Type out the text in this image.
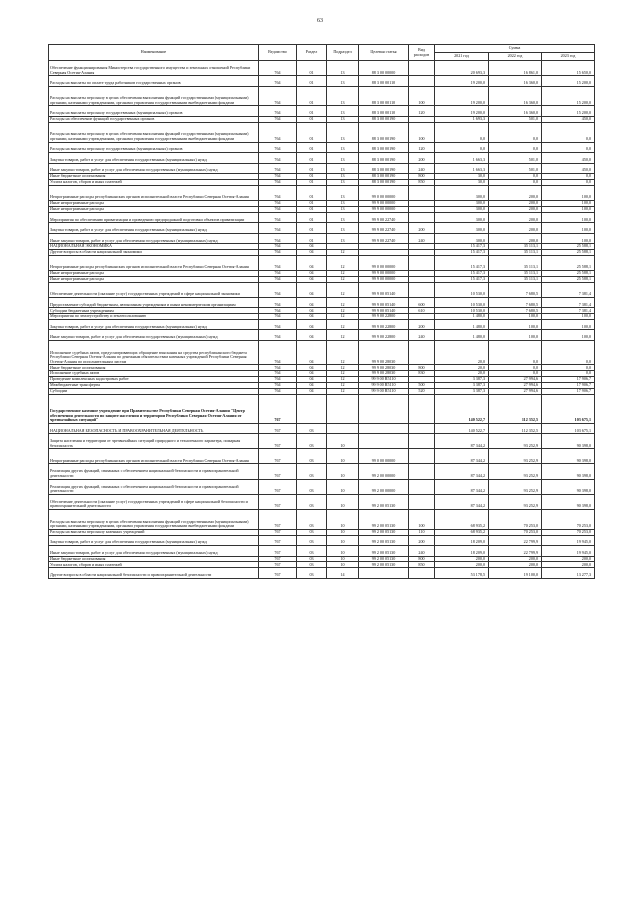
63
Наименование	Ведомство	Раздел	Подраздел	Целевая статья	Вид расходов	Сумма		
						2021 год	2022 год	2023 год
Обеспечение функционирования Министерства государственного имущества и земельных отношений Республики Северная Осетия-Алания	764	01	13	88 3 00 00000		20 693,3	16 861,0	15 650,0
Расходы на выплаты по оплате труда работников государственных органов	764	01	13	88 3 00 00110		19 200,0	16 360,0	15 200,0
Расходы на выплаты персоналу в целях обеспечения выполнения функций государственными (муниципальными) органами, казенными учреждениями, органами управления государственными внебюджетными фондами	764	01	13	88 3 00 00110	100	19 200,0	16 360,0	15 200,0
Расходы на выплаты персоналу государственных (муниципальных) органов	764	01	13	88 3 00 00110	120	19 200,0	16 360,0	15 200,0
Расходы на обеспечение функций государственных органов	764	01	13	88 3 00 00190		1 693,3	501,0	450,0
Расходы на выплаты персоналу в целях обеспечения выполнения функций государственными (муниципальными) органами, казенными учреждениями, органами управления государственными внебюджетными фондами	764	01	13	88 3 00 00190	100	0,0	0,0	0,0
Расходы на выплаты персоналу государственных (муниципальных) органов	764	01	13	88 3 00 00190	120	0,0	0,0	0,0
Закупка товаров, работ и услуг для обеспечения государственных (муниципальных) нужд	764	01	13	88 3 00 00190	200	1 663,3	501,0	450,0
Иные закупки товаров, работ и услуг для обеспечения государственных (муниципальных) нужд	764	01	13	88 3 00 00190	240	1 663,3	501,0	450,0
Иные бюджетные ассигнования	764	01	13	88 3 00 00190	800	30,0	0,0	0,0
Уплата налогов, сборов и иных платежей	764	01	13	88 3 00 00190	850	30,0	0,0	0,0
Непрограммные расходы республиканских органов исполнительной власти Республики Северная Осетия-Алания	764	01	13	99 0 00 00000		300,0	200,0	100,0
Иные непрограммные расходы	764	01	13	99 9 00 00000		300,0	200,0	100,0
Иные непрограммные расходы	764	01	13	99 9 00 00000		300,0	200,0	100,0
Мероприятия по обеспечению приватизации и проведению предпродажной подготовки объектов приватизации	764	01	13	99 9 00 22740		300,0	200,0	100,0
Закупка товаров, работ и услуг для обеспечения государственных (муниципальных) нужд	764	01	13	99 9 00 22740	200	300,0	200,0	100,0
Иные закупки товаров, работ и услуг для обеспечения государственных (муниципальных) нужд	764	01	13	99 9 00 22740	240	300,0	200,0	100,0
НАЦИОНАЛЬНАЯ ЭКОНОМИКА	764	04				15 417,3	35 113,1	25 588,1
Другие вопросы в области национальной экономики	764	04	12			15 417,3	35 113,1	25 588,1
Непрограммные расходы республиканских органов исполнительной власти Республики Северная Осетия-Алания	764	04	12	99 0 00 00000		15 417,3	35 113,1	25 588,1
Иные непрограммные расходы	764	04	12	99 9 00 00000		15 417,3	35 113,1	25 588,1
Иные непрограммные расходы	764	04	12	99 9 00 00000		15 417,3	35 113,1	25 588,1
Обеспечение деятельности (оказание услуг) государственных учреждений в сфере национальной экономики	764	04	12	99 9 00 05140		10 530,0	7 680,5	7 381,4
Предоставление субсидий бюджетным, автономным учреждениям и иным некоммерческим организациям	764	04	12	99 9 00 05140	600	10 530,0	7 680,5	7 381,4
Субсидии бюджетным учреждениям	764	04	12	99 9 00 05140	610	10 530,0	7 680,5	7 381,4
Мероприятия по землеустройству и землепользованию	764	04	12	99 9 00 22800		1 480,0	100,0	100,0
Закупка товаров, работ и услуг для обеспечения государственных (муниципальных) нужд	764	04	12	99 9 00 22800	200	1 480,0	100,0	100,0
Иные закупки товаров, работ и услуг для обеспечения государственных (муниципальных) нужд	764	04	12	99 9 00 22800	240	1 480,0	100,0	100,0
Исполнение судебных актов, предусматривающих обращение взыскания на средства республиканского бюджета Республики Северная Осетия-Алания по денежным обязательствам казенных учреждений Республики Северная Осетия-Алания по исполнительным листам	764	04	12	99 9 00 28030		20,0	0,0	0,0
Иные бюджетные ассигнования	764	04	12	99 9 00 28030	800	20,0	0,0	0,0
Исполнение судебных актов	764	04	12	99 9 00 28030	830	20,0	0,0	0,0
Проведение комплексных кадастровых работ	764	04	12	99 9 00 R5110		3 387,3	27 994,6	17 906,7
Межбюджетные трансферты	764	04	12	99 9 00 R5110	500	3 387,3	27 994,6	17 906,7
Субсидии	764	04	12	99 9 00 R5110	520	3 387,3	27 994,6	17 906,7
Государственное казенное учреждение при Правительстве Республики Северная Осетия-Алания "Центр обеспечения деятельности по защите населения и территории Республики Северная Осетия-Алания от чрезвычайных ситуаций"	767					140 522,7	112 352,5	103 675,1
НАЦИОНАЛЬНАЯ БЕЗОПАСНОСТЬ И ПРАВООХРАНИТЕЛЬНАЯ ДЕЯТЕЛЬНОСТЬ	767	03				140 522,7	112 352,5	103 675,1
Защита населения и территории от чрезвычайных ситуаций природного и техногенного характера, пожарная безопасность	767	03	10			87 344,2	93 252,9	90 398,0
Непрограммные расходы республиканских органов исполнительной власти Республики Северная Осетия-Алания	767	03	10	99 0 00 00000		87 344,2	93 252,9	90 398,0
Реализация других функций, связанных с обеспечением национальной безопасности и правоохранительной деятельности	767	03	10	99 2 00 00000		87 344,2	93 252,9	90 398,0
Реализация других функций, связанных с обеспечением национальной безопасности и правоохранительной деятельности	767	03	10	99 2 00 00000		87 344,2	93 252,9	90 398,0
Обеспечение деятельности (оказание услуг) государственных учреждений в сфере национальной безопасности и правоохранительной деятельности	767	03	10	99 2 00 05130		87 344,2	93 252,9	90 398,0
Расходы на выплаты персоналу в целях обеспечения выполнения функций государственными (муниципальными) органами, казенными учреждениями, органами управления государственными внебюджетными фондами	767	03	10	99 2 00 05130	100	68 935,2	70 253,0	70 253,0
Расходы на выплаты персоналу казенных учреждений	767	03	10	99 2 00 05130	110	68 935,2	70 253,0	70 253,0
Закупка товаров, работ и услуг для обеспечения государственных (муниципальных) нужд	767	03	10	99 2 00 05130	200	18 209,0	22 799,9	19 945,0
Иные закупки товаров, работ и услуг для обеспечения государственных (муниципальных) нужд	767	03	10	99 2 00 05130	240	18 209,0	22 799,9	19 945,0
Иные бюджетные ассигнования	767	03	10	99 2 00 05130	800	200,0	200,0	200,0
Уплата налогов, сборов и иных платежей	767	03	10	99 2 00 05130	850	200,0	200,0	200,0
Другие вопросы в области национальной безопасности и правоохранительной деятельности	767	03	14			53 178,5	19 100,0	13 277,3
